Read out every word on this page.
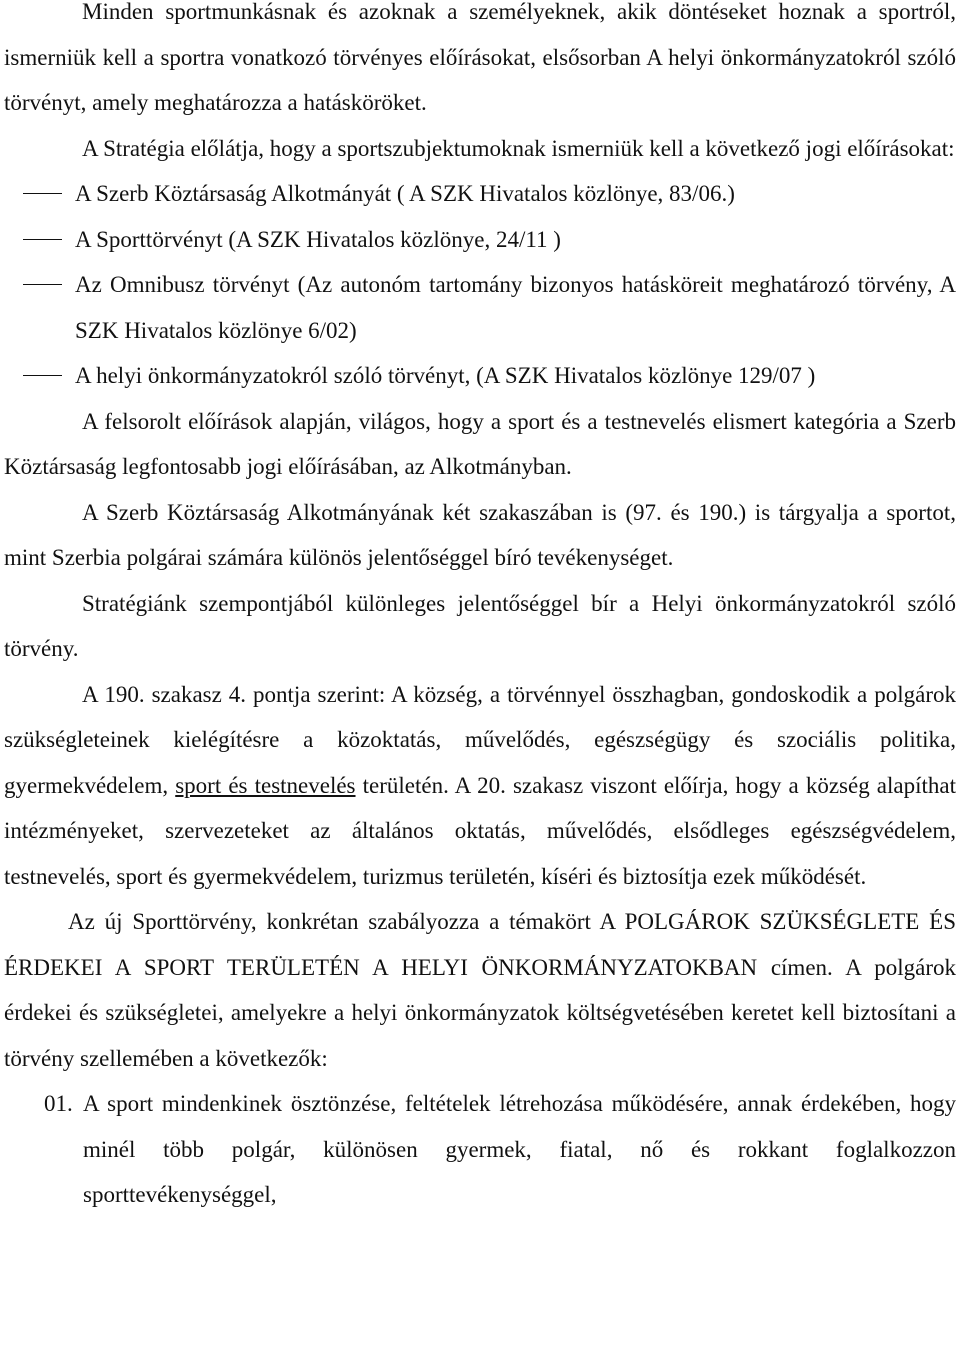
Minden sportmunkásnak és azoknak a személyeknek, akik döntéseket hoznak a sportról, ismerniük kell a sportra vonatkozó törvényes előírásokat, elsősorban A helyi önkormányzatokról szóló törvényt, amely meghatározza a hatásköröket.

A Stratégia előlátja, hogy a sportszubjektumoknak ismerniük kell a következő jogi előírásokat:

A Szerb Köztársaság Alkotmányát ( A SZK Hivatalos közlönye, 83/06.)
A Sporttörvényt (A SZK Hivatalos közlönye, 24/11 )
Az Omnibusz törvényt (Az autonóm tartomány bizonyos hatásköreit meghatározó törvény, A SZK Hivatalos közlönye 6/02)
A helyi önkormányzatokról szóló törvényt, (A SZK Hivatalos közlönye 129/07 )

A felsorolt előírások alapján, világos, hogy a sport és a testnevelés elismert kategória a Szerb Köztársaság legfontosabb jogi előírásában, az Alkotmányban.

A Szerb Köztársaság Alkotmányának két szakaszában is (97. és 190.) is tárgyalja a sportot, mint Szerbia polgárai számára különös jelentőséggel bíró tevékenységet.

Stratégiánk szempontjából különleges jelentőséggel bír a Helyi önkormányzatokról szóló törvény.

A 190. szakasz 4. pontja szerint: A község, a törvénnyel összhagban, gondoskodik a polgárok szükségleteinek kielégítésre a közoktatás, művelődés, egészségügy és szociális politika, gyermekvédelem, sport és testnevelés területén. A 20. szakasz viszont előírja, hogy a község alapíthat intézményeket, szervezeteket az általános oktatás, művelődés, elsődleges egészségvédelem, testnevelés, sport és gyermekvédelem, turizmus területén, kíséri és biztosítja ezek működését.

Az új Sporttörvény, konkrétan szabályozza a témakört A POLGÁROK SZÜKSÉGLETE ÉS ÉRDEKEI A SPORT TERÜLETÉN A HELYI ÖNKORMÁNYZATOKBAN címen. A polgárok érdekei és szükségletei, amelyekre a helyi önkormányzatok költségvetésében keretet kell biztosítani a törvény szellemében a következők:

01. A sport mindenkinek ösztönzése, feltételek létrehozása működésére, annak érdekében, hogy minél több polgár, különösen gyermek, fiatal, nő és rokkant foglalkozzon sporttevékenységgel,
